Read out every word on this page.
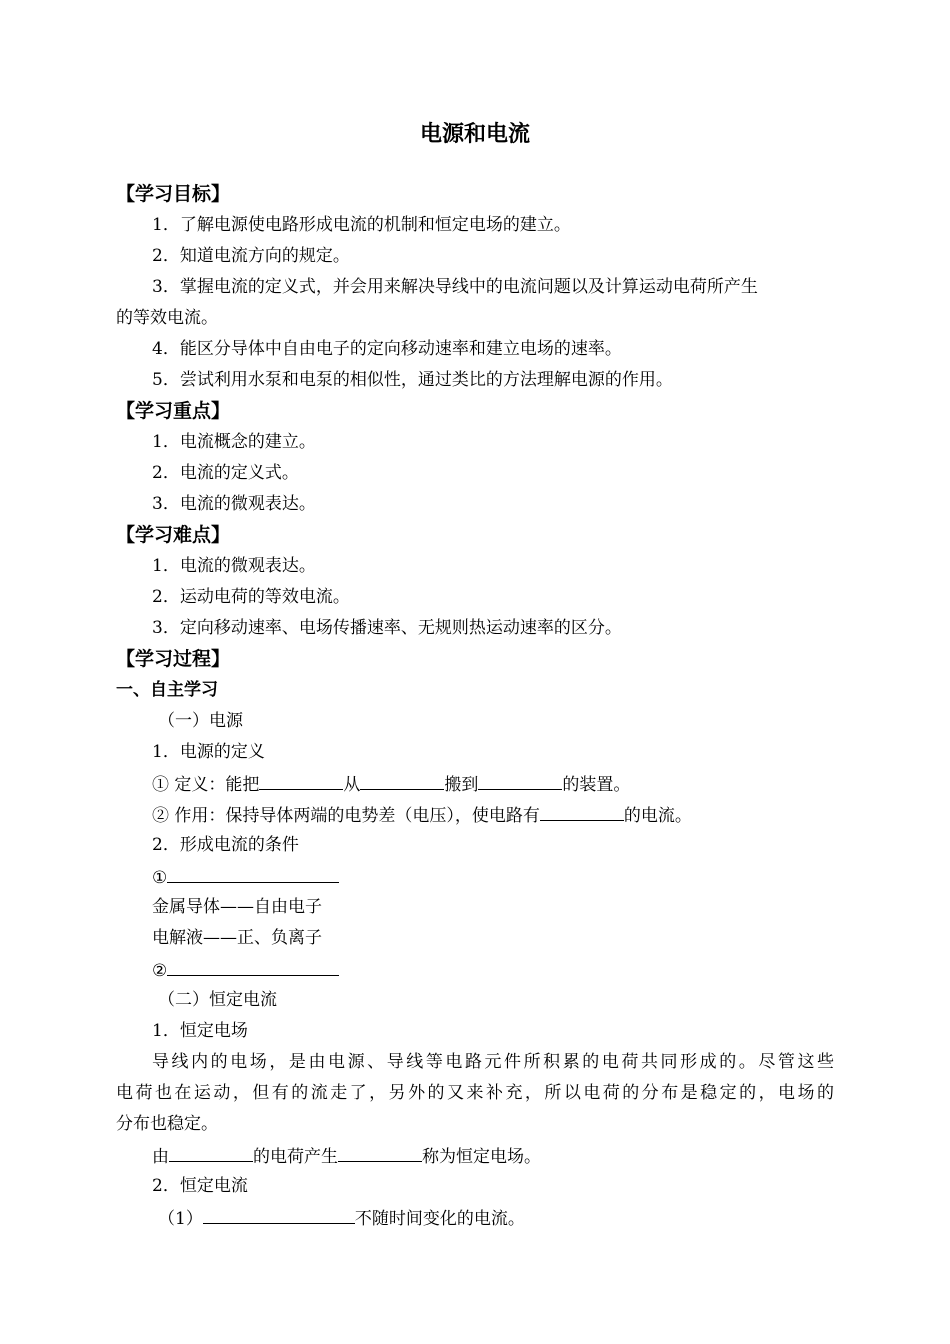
电源和电流
【学习目标】
1．了解电源使电路形成电流的机制和恒定电场的建立。
2．知道电流方向的规定。
3．掌握电流的定义式，并会用来解决导线中的电流问题以及计算运动电荷所产生
的等效电流。
4．能区分导体中自由电子的定向移动速率和建立电场的速率。
5．尝试利用水泵和电泵的相似性，通过类比的方法理解电源的作用。
【学习重点】
1．电流概念的建立。
2．电流的定义式。
3．电流的微观表达。
【学习难点】
1．电流的微观表达。
2．运动电荷的等效电流。
3．定向移动速率、电场传播速率、无规则热运动速率的区分。
【学习过程】
一、自主学习
（一）电源
1．电源的定义
① 定义：能把	从	搬到	的装置。
② 作用：保持导体两端的电势差（电压），使电路有	的电流。
2．形成电流的条件
①
金属导体——自由电子
电解液——正、负离子
②
（二）恒定电流
1．恒定电场
导线内的电场，是由电源、导线等电路元件所积累的电荷共同形成的。尽管这些
电荷也在运动，但有的流走了，另外的又来补充，所以电荷的分布是稳定的，电场的
分布也稳定。
由	的电荷产生	称为恒定电场。
2．恒定电流
（1）	不随时间变化的电流。
